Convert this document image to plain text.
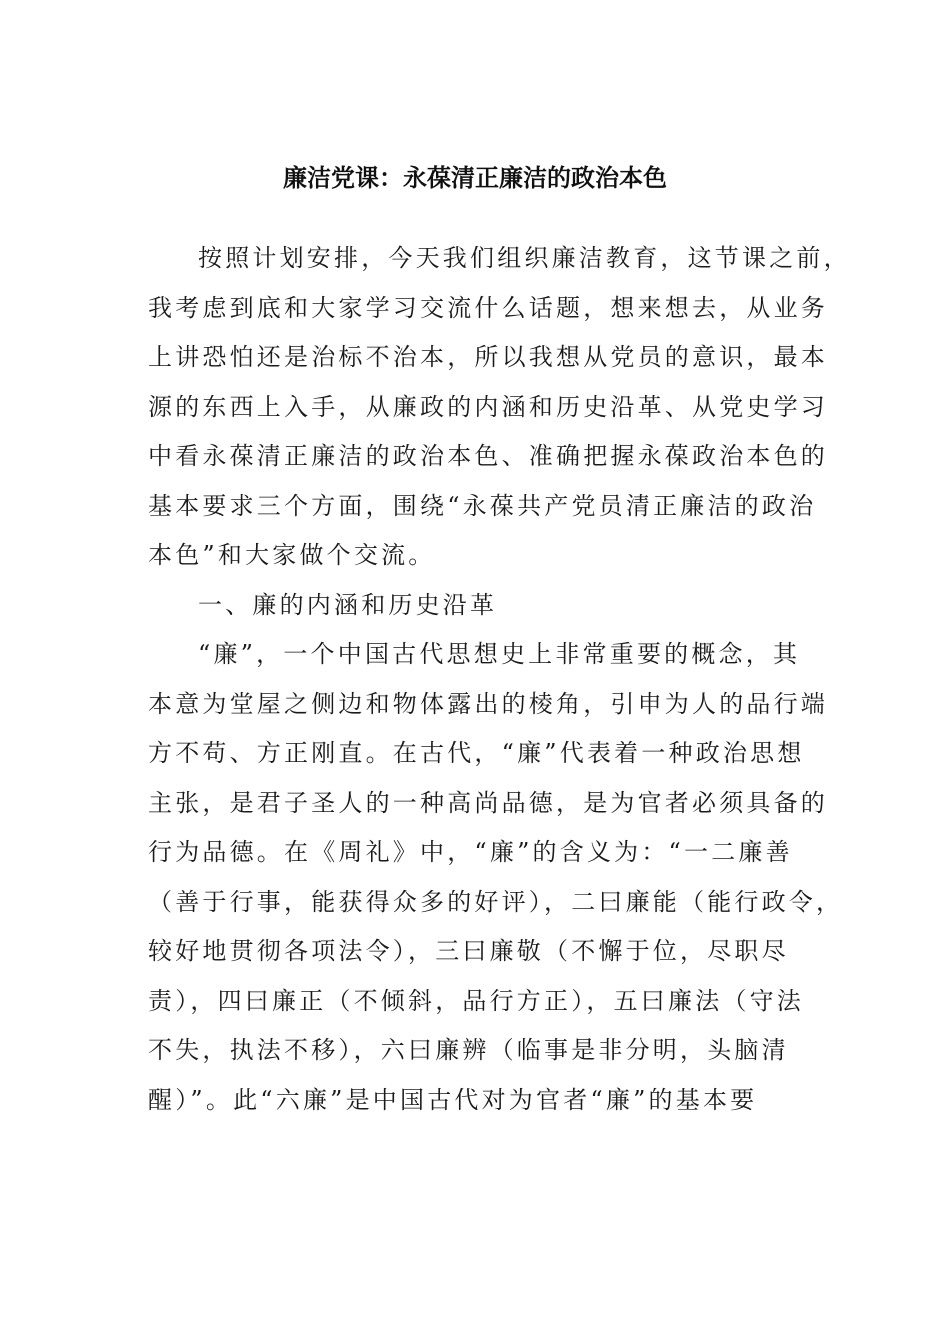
廉洁党课：永葆清正廉洁的政治本色
按照计划安排，今天我们组织廉洁教育，这节课之前，
我考虑到底和大家学习交流什么话题，想来想去，从业务
上讲恐怕还是治标不治本，所以我想从党员的意识，最本
源的东西上入手，从廉政的内涵和历史沿革、从党史学习
中看永葆清正廉洁的政治本色、准确把握永葆政治本色的
基本要求三个方面，围绕“永葆共产党员清正廉洁的政治
本色”和大家做个交流。
一、廉的内涵和历史沿革
“廉”，一个中国古代思想史上非常重要的概念，其
本意为堂屋之侧边和物体露出的棱角，引申为人的品行端
方不苟、方正刚直。在古代，“廉”代表着一种政治思想
主张，是君子圣人的一种高尚品德，是为官者必须具备的
行为品德。在《周礼》中，“廉”的含义为：“一二廉善
（善于行事，能获得众多的好评），二曰廉能（能行政令，
较好地贯彻各项法令），三曰廉敬（不懈于位，尽职尽
责），四曰廉正（不倾斜，品行方正），五曰廉法（守法
不失，执法不移），六曰廉辨（临事是非分明，头脑清
醒）”。此“六廉”是中国古代对为官者“廉”的基本要
